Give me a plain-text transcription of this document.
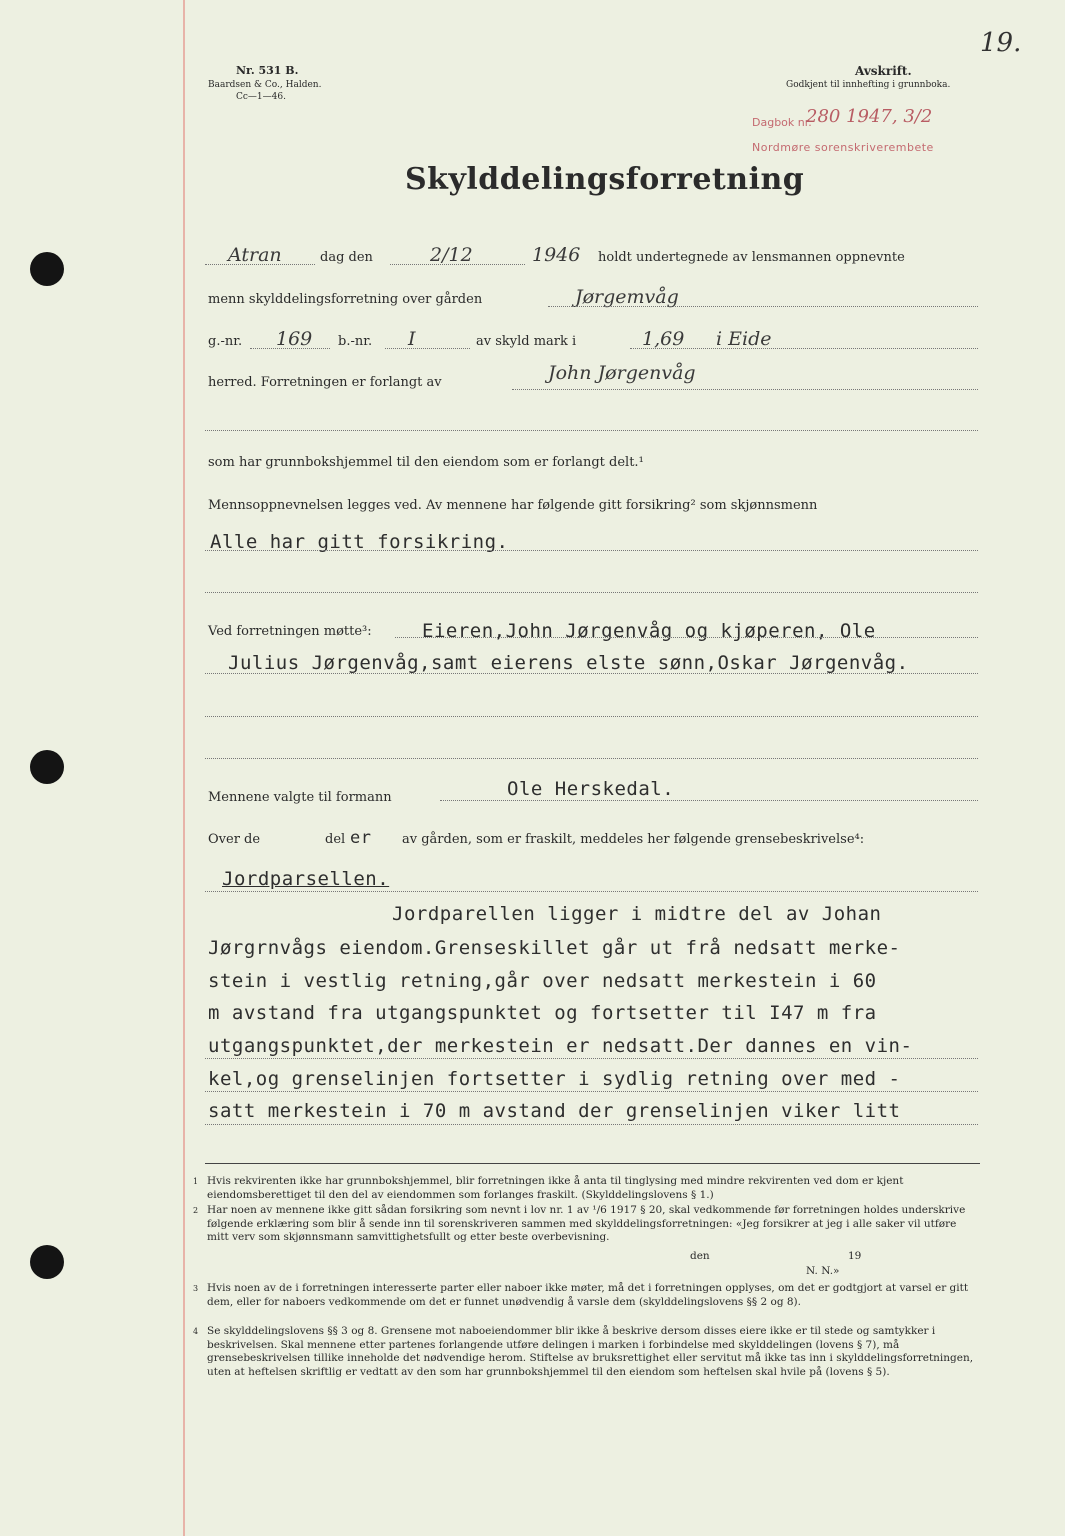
Nr. 531 B.
Baardsen & Co., Halden.
Cc—1—46.
Avskrift.
Godkjent til innhefting i grunnboka.
19.
Dagbok nr.
280 1947, 3/2
Nordmøre sorenskriverembete
Skylddelingsforretning
Atran	dag den	2/12	1946 holdt undertegnede av lensmannen oppnevnte
menn skylddelingsforretning over gården	Jørgemvåg
g.-nr. 169 b.-nr. I	av skyld mark i	1,69 i Eide
herred. Forretningen er forlangt av	John Jørgenvåg
som har grunnbokshjemmel til den eiendom som er forlangt delt.¹
Mennsoppnevnelsen legges ved. Av mennene har følgende gitt forsikring² som skjønnsmenn
Alle har gitt forsikring.
Ved forretningen møtte³:	Eieren,John Jørgenvåg og kjøperen, Ole
Julius Jørgenvåg,samt eierens elste sønn,Oskar Jørgenvåg.
Mennene valgte til formann	Ole Herskedal.
Over de	del er av gården, som er fraskilt, meddeles her følgende grensebeskrivelse⁴:
Jordparsellen.
Jordparellen ligger i midtre del av Johan
Jørgrnvågs eiendom.Grenseskillet går ut frå nedsatt merke-
stein i vestlig retning,går over nedsatt merkestein i 60
m avstand fra utgangspunktet og fortsetter til I47 m fra
utgangspunktet,der merkestein er nedsatt.Der dannes en vin-
kel,og grenselinjen fortsetter i sydlig retning over med -
satt merkestein i 70 m avstand der grenselinjen viker litt
1 Hvis rekvirenten ikke har grunnbokshjemmel, blir forretningen ikke å anta til tinglysing med mindre rekvirenten ved dom er kjent eiendomsberettiget til den del av eiendommen som forlanges fraskilt. (Skylddelingslovens § 1.)
2 Har noen av mennene ikke gitt sådan forsikring som nevnt i lov nr. 1 av ¹/6 1917 § 20, skal vedkommende før forretningen holdes underskrive følgende erklæring som blir å sende inn til sorenskriveren sammen med skylddelingsforretningen: «Jeg forsikrer at jeg i alle saker vil utføre mitt verv som skjønnsmann samvittighetsfullt og etter beste overbevisning.
den	19
N. N.»
3 Hvis noen av de i forretningen interesserte parter eller naboer ikke møter, må det i forretningen opplyses, om det er godtgjort at varsel er gitt dem, eller for naboers vedkommende om det er funnet unødvendig å varsle dem (skylddelingslovens §§ 2 og 8).
4 Se skylddelingslovens §§ 3 og 8. Grensene mot naboeiendommer blir ikke å beskrive dersom disses eiere ikke er til stede og samtykker i beskrivelsen. Skal mennene etter partenes forlangende utføre delingen i marken i forbindelse med skylddelingen (lovens § 7), må grensebeskrivelsen tillike inneholde det nødvendige herom. Stiftelse av bruksrettighet eller servitut må ikke tas inn i skylddelingsforretningen, uten at heftelsen skriftlig er vedtatt av den som har grunnbokshjemmel til den eiendom som heftelsen skal hvile på (lovens § 5).
